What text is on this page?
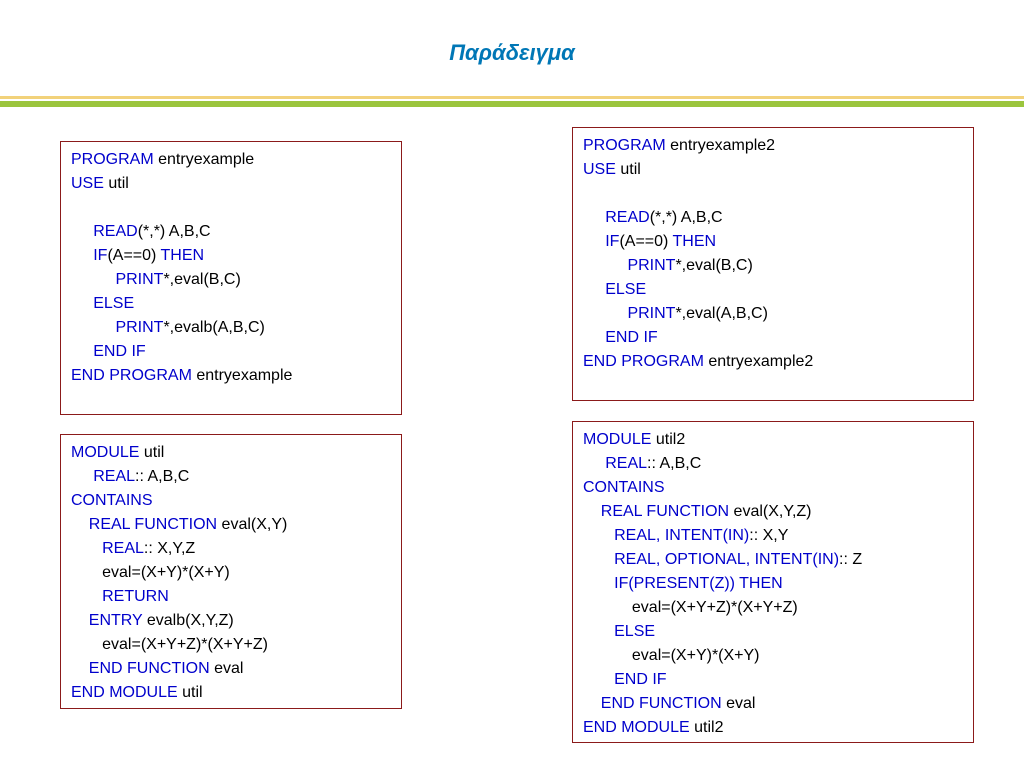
Παράδειγμα
PROGRAM entryexample
USE util
READ(*,*) A,B,C
IF(A==0) THEN
PRINT*,eval(B,C)
ELSE
PRINT*,evalb(A,B,C)
END IF
END PROGRAM entryexample
MODULE util
REAL:: A,B,C
CONTAINS
REAL FUNCTION eval(X,Y)
REAL:: X,Y,Z
eval=(X+Y)*(X+Y)
RETURN
ENTRY evalb(X,Y,Z)
eval=(X+Y+Z)*(X+Y+Z)
END FUNCTION eval
END MODULE util
PROGRAM entryexample2
USE util
READ(*,*) A,B,C
IF(A==0) THEN
PRINT*,eval(B,C)
ELSE
PRINT*,eval(A,B,C)
END IF
END PROGRAM entryexample2
MODULE util2
REAL:: A,B,C
CONTAINS
REAL FUNCTION eval(X,Y,Z)
REAL, INTENT(IN):: X,Y
REAL, OPTIONAL, INTENT(IN):: Z
IF(PRESENT(Z)) THEN
eval=(X+Y+Z)*(X+Y+Z)
ELSE
eval=(X+Y)*(X+Y)
END IF
END FUNCTION eval
END MODULE util2
